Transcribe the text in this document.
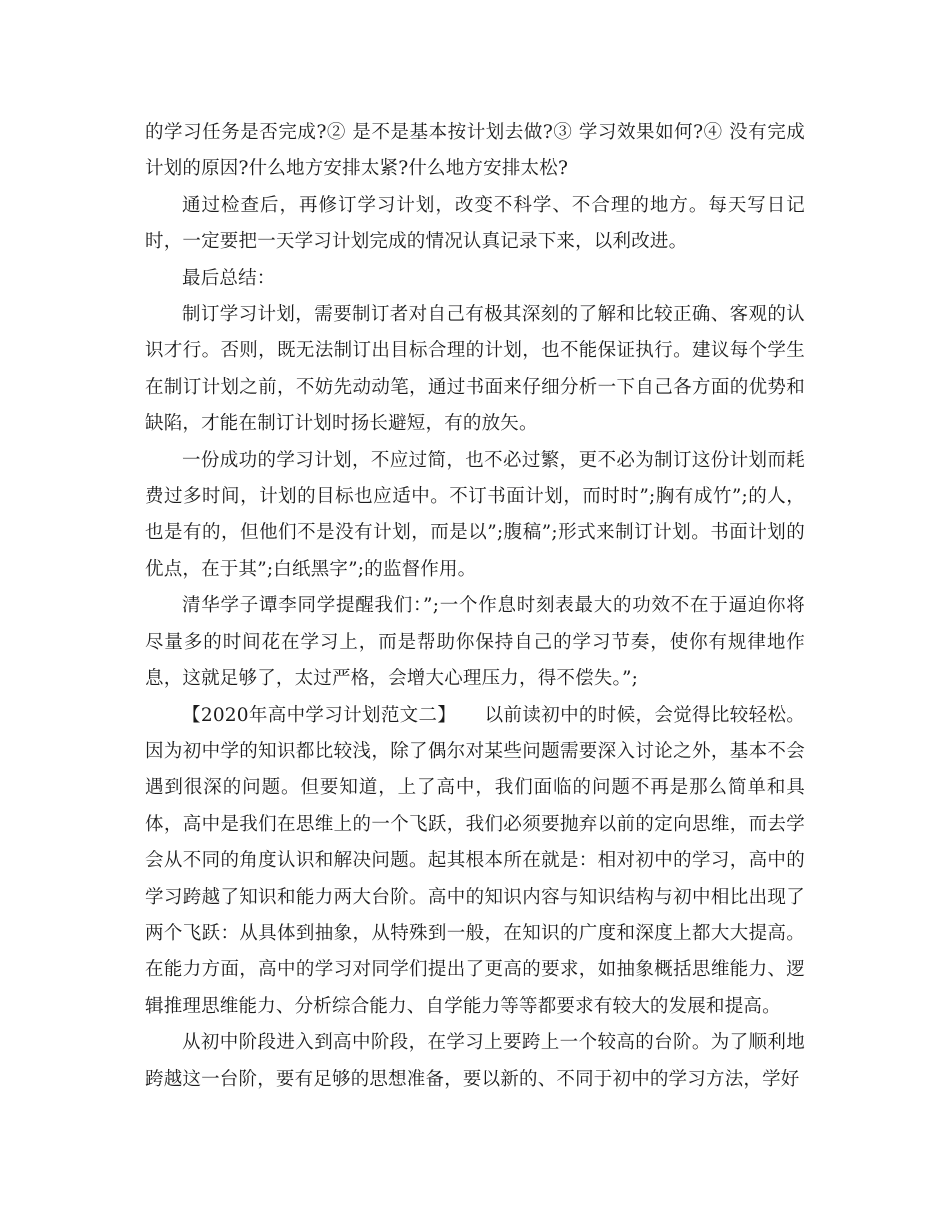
的学习任务是否完成?② 是不是基本按计划去做?③ 学习效果如何?④ 没有完成计划的原因?什么地方安排太紧?什么地方安排太松?

通过检查后，再修订学习计划，改变不科学、不合理的地方。每天写日记时，一定要把一天学习计划完成的情况认真记录下来，以利改进。

最后总结：

制订学习计划，需要制订者对自己有极其深刻的了解和比较正确、客观的认识才行。否则，既无法制订出目标合理的计划，也不能保证执行。建议每个学生在制订计划之前，不妨先动动笔，通过书面来仔细分析一下自己各方面的优势和缺陷，才能在制订计划时扬长避短，有的放矢。

一份成功的学习计划，不应过简，也不必过繁，更不必为制订这份计划而耗费过多时间，计划的目标也应适中。不订书面计划，而时时”;胸有成竹”;的人，也是有的，但他们不是没有计划，而是以”;腹稿”;形式来制订计划。书面计划的优点，在于其”;白纸黑字”;的监督作用。

清华学子谭李同学提醒我们：”;一个作息时刻表最大的功效不在于逼迫你将尽量多的时间花在学习上，而是帮助你保持自己的学习节奏，使你有规律地作息，这就足够了，太过严格，会增大心理压力，得不偿失。”;

【2020年高中学习计划范文二】　　以前读初中的时候，会觉得比较轻松。因为初中学的知识都比较浅，除了偶尔对某些问题需要深入讨论之外，基本不会遇到很深的问题。但要知道，上了高中，我们面临的问题不再是那么简单和具体，高中是我们在思维上的一个飞跃，我们必须要抛弃以前的定向思维，而去学会从不同的角度认识和解决问题。起其根本所在就是：相对初中的学习，高中的学习跨越了知识和能力两大台阶。高中的知识内容与知识结构与初中相比出现了两个飞跃：从具体到抽象，从特殊到一般，在知识的广度和深度上都大大提高。在能力方面，高中的学习对同学们提出了更高的要求，如抽象概括思维能力、逻辑推理思维能力、分析综合能力、自学能力等等都要求有较大的发展和提高。

从初中阶段进入到高中阶段，在学习上要跨上一个较高的台阶。为了顺利地跨越这一台阶，要有足够的思想准备，要以新的、不同于初中的学习方法，学好
